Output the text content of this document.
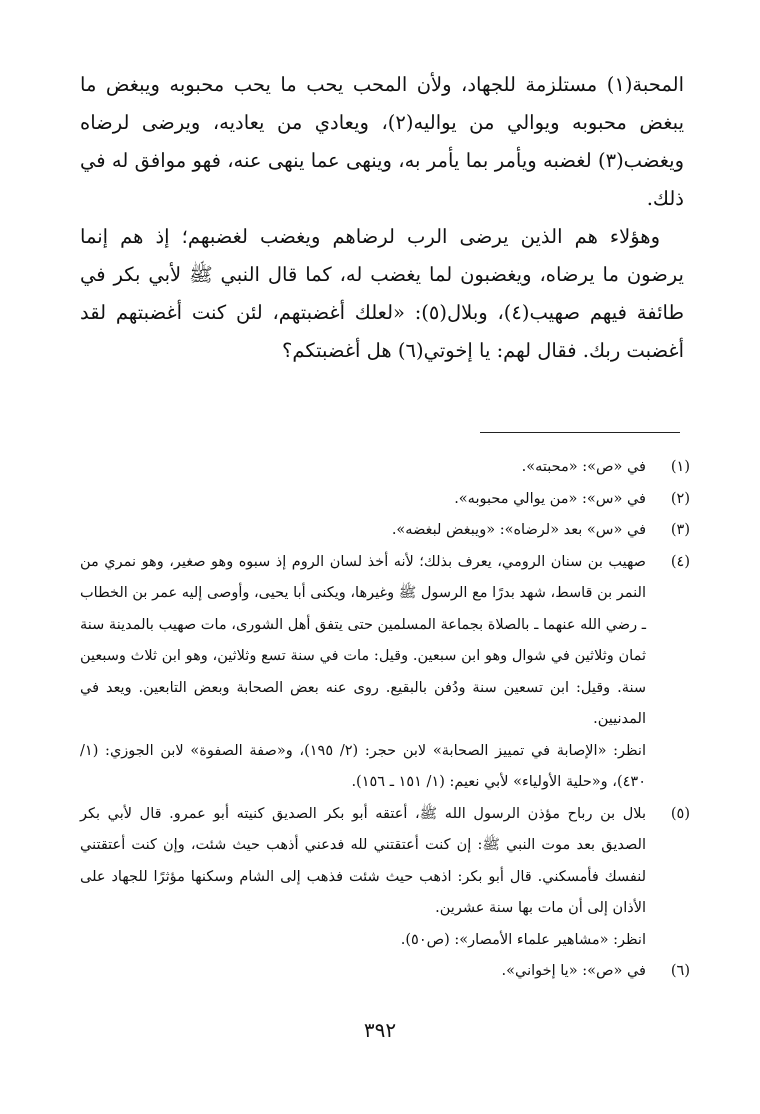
المحبة(١) مستلزمة للجهاد، ولأن المحب يحب ما يحب محبوبه ويبغض ما يبغض محبوبه ويوالي من يواليه(٢)، ويعادي من يعاديه، ويرضى لرضاه ويغضب(٣) لغضبه ويأمر بما يأمر به، وينهى عما ينهى عنه، فهو موافق له في ذلك.

وهؤلاء هم الذين يرضى الرب لرضاهم ويغضب لغضبهم؛ إذ هم إنما يرضون ما يرضاه، ويغضبون لما يغضب له، كما قال النبي ﷺ لأبي بكر في طائفة فيهم صهيب(٤)، وبلال(٥): «لعلك أغضبتهم، لئن كنت أغضبتهم لقد أغضبت ربك. فقال لهم: يا إخوتي(٦) هل أغضبتكم؟

(١)

في «ص»: «محبته».

(٢)

في «س»: «من يوالي محبوبه».

(٣)

في «س» بعد «لرضاه»: «ويبغض لبغضه».

(٤)

صهيب بن سنان الرومي، يعرف بذلك؛ لأنه أخذ لسان الروم إذ سبوه وهو صغير، وهو نمري من النمر بن قاسط، شهد بدرًا مع الرسول ﷺ وغيرها، ويكنى أبا يحيى، وأوصى إليه عمر بن الخطاب ـ رضي الله عنهما ـ بالصلاة بجماعة المسلمين حتى يتفق أهل الشورى، مات صهيب بالمدينة سنة ثمان وثلاثين في شوال وهو ابن سبعين. وقيل: مات في سنة تسع وثلاثين، وهو ابن ثلاث وسبعين سنة. وقيل: ابن تسعين سنة ودُفن بالبقيع. روى عنه بعض الصحابة وبعض التابعين. ويعد في المدنيين.

انظر: «الإصابة في تمييز الصحابة» لابن حجر: (٢/ ١٩٥)، و«صفة الصفوة» لابن الجوزي: (١/ ٤٣٠)، و«حلية الأولياء» لأبي نعيم: (١/ ١٥١ ـ ١٥٦).

(٥)

بلال بن رباح مؤذن الرسول الله ﷺ، أعتقه أبو بكر الصديق كنيته أبو عمرو. قال لأبي بكر الصديق بعد موت النبي ﷺ: إن كنت أعتقتني لله فدعني أذهب حيث شئت، وإن كنت أعتقتني لنفسك فأمسكني. قال أبو بكر: اذهب حيث شئت فذهب إلى الشام وسكنها مؤثرًا للجهاد على الأذان إلى أن مات بها سنة عشرين.

انظر: «مشاهير علماء الأمصار»: (ص٥٠).

(٦)

في «ص»: «يا إخواني».

٣٩٢
